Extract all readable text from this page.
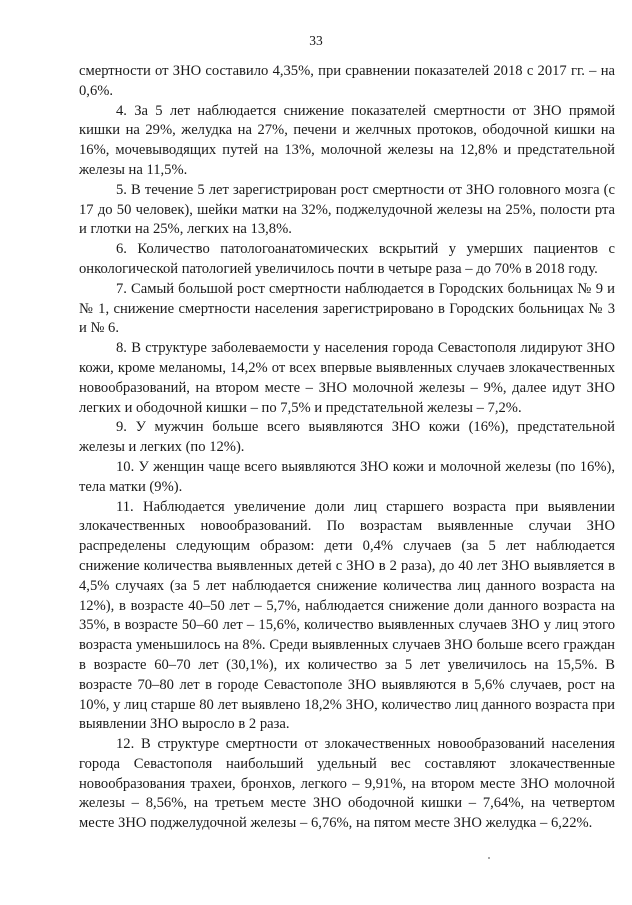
33

смертности от ЗНО составило 4,35%, при сравнении показателей 2018 с 2017 гг. – на 0,6%.

4. За 5 лет наблюдается снижение показателей смертности от ЗНО прямой кишки на 29%, желудка на 27%, печени и желчных протоков, ободочной кишки на 16%, мочевыводящих путей на 13%, молочной железы на 12,8% и предстательной железы на 11,5%.

5. В течение 5 лет зарегистрирован рост смертности от ЗНО головного мозга (с 17 до 50 человек), шейки матки на 32%, поджелудочной железы на 25%, полости рта и глотки на 25%, легких на 13,8%.

6. Количество патологоанатомических вскрытий у умерших пациентов с онкологической патологией увеличилось почти в четыре раза – до 70% в 2018 году.

7. Самый большой рост смертности наблюдается в Городских больницах № 9 и № 1, снижение смертности населения зарегистрировано в Городских больницах № 3 и № 6.

8. В структуре заболеваемости у населения города Севастополя лидируют ЗНО кожи, кроме меланомы, 14,2% от всех впервые выявленных случаев злокачественных новообразований, на втором месте – ЗНО молочной железы – 9%, далее идут ЗНО легких и ободочной кишки – по 7,5% и предстательной железы – 7,2%.

9. У мужчин больше всего выявляются ЗНО кожи (16%), предстательной железы и легких (по 12%).

10. У женщин чаще всего выявляются ЗНО кожи и молочной железы (по 16%), тела матки (9%).

11. Наблюдается увеличение доли лиц старшего возраста при выявлении злокачественных новообразований. По возрастам выявленные случаи ЗНО распределены следующим образом: дети 0,4% случаев (за 5 лет наблюдается снижение количества выявленных детей с ЗНО в 2 раза), до 40 лет ЗНО выявляется в 4,5% случаях (за 5 лет наблюдается снижение количества лиц данного возраста на 12%), в возрасте 40–50 лет – 5,7%, наблюдается снижение доли данного возраста на 35%, в возрасте 50–60 лет – 15,6%, количество выявленных случаев ЗНО у лиц этого возраста уменьшилось на 8%. Среди выявленных случаев ЗНО больше всего граждан в возрасте 60–70 лет (30,1%), их количество за 5 лет увеличилось на 15,5%. В возрасте 70–80 лет в городе Севастополе ЗНО выявляются в 5,6% случаев, рост на 10%, у лиц старше 80 лет выявлено 18,2% ЗНО, количество лиц данного возраста при выявлении ЗНО выросло в 2 раза.

12. В структуре смертности от злокачественных новообразований населения города Севастополя наибольший удельный вес составляют злокачественные новообразования трахеи, бронхов, легкого – 9,91%, на втором месте ЗНО молочной железы – 8,56%, на третьем месте ЗНО ободочной кишки – 7,64%, на четвертом месте ЗНО поджелудочной железы – 6,76%, на пятом месте ЗНО желудка – 6,22%.
